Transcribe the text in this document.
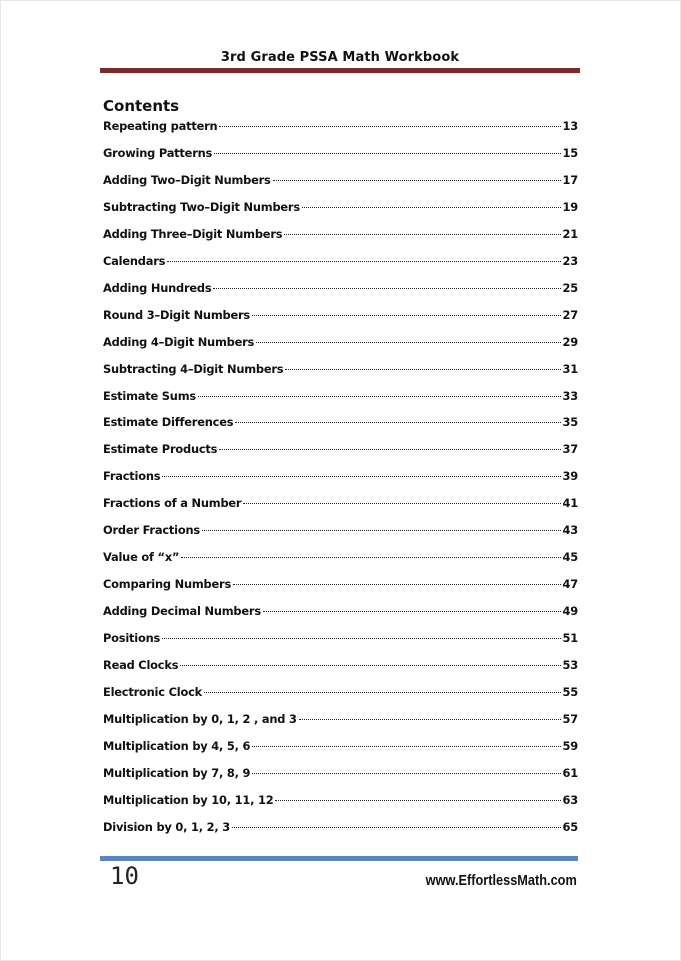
3rd Grade PSSA Math Workbook
Contents
Repeating pattern	13
Growing Patterns	15
Adding Two–Digit Numbers	17
Subtracting Two–Digit Numbers	19
Adding Three–Digit Numbers	21
Calendars	23
Adding Hundreds	25
Round 3–Digit Numbers	27
Adding 4–Digit Numbers	29
Subtracting 4–Digit Numbers	31
Estimate Sums	33
Estimate Differences	35
Estimate Products	37
Fractions	39
Fractions of a Number	41
Order Fractions	43
Value of “x”	45
Comparing Numbers	47
Adding Decimal Numbers	49
Positions	51
Read Clocks	53
Electronic Clock	55
Multiplication by 0, 1, 2 , and 3	57
Multiplication by 4, 5, 6	59
Multiplication by 7, 8, 9	61
Multiplication by 10, 11, 12	63
Division by 0, 1, 2, 3	65
10	www.EffortlessMath.com
